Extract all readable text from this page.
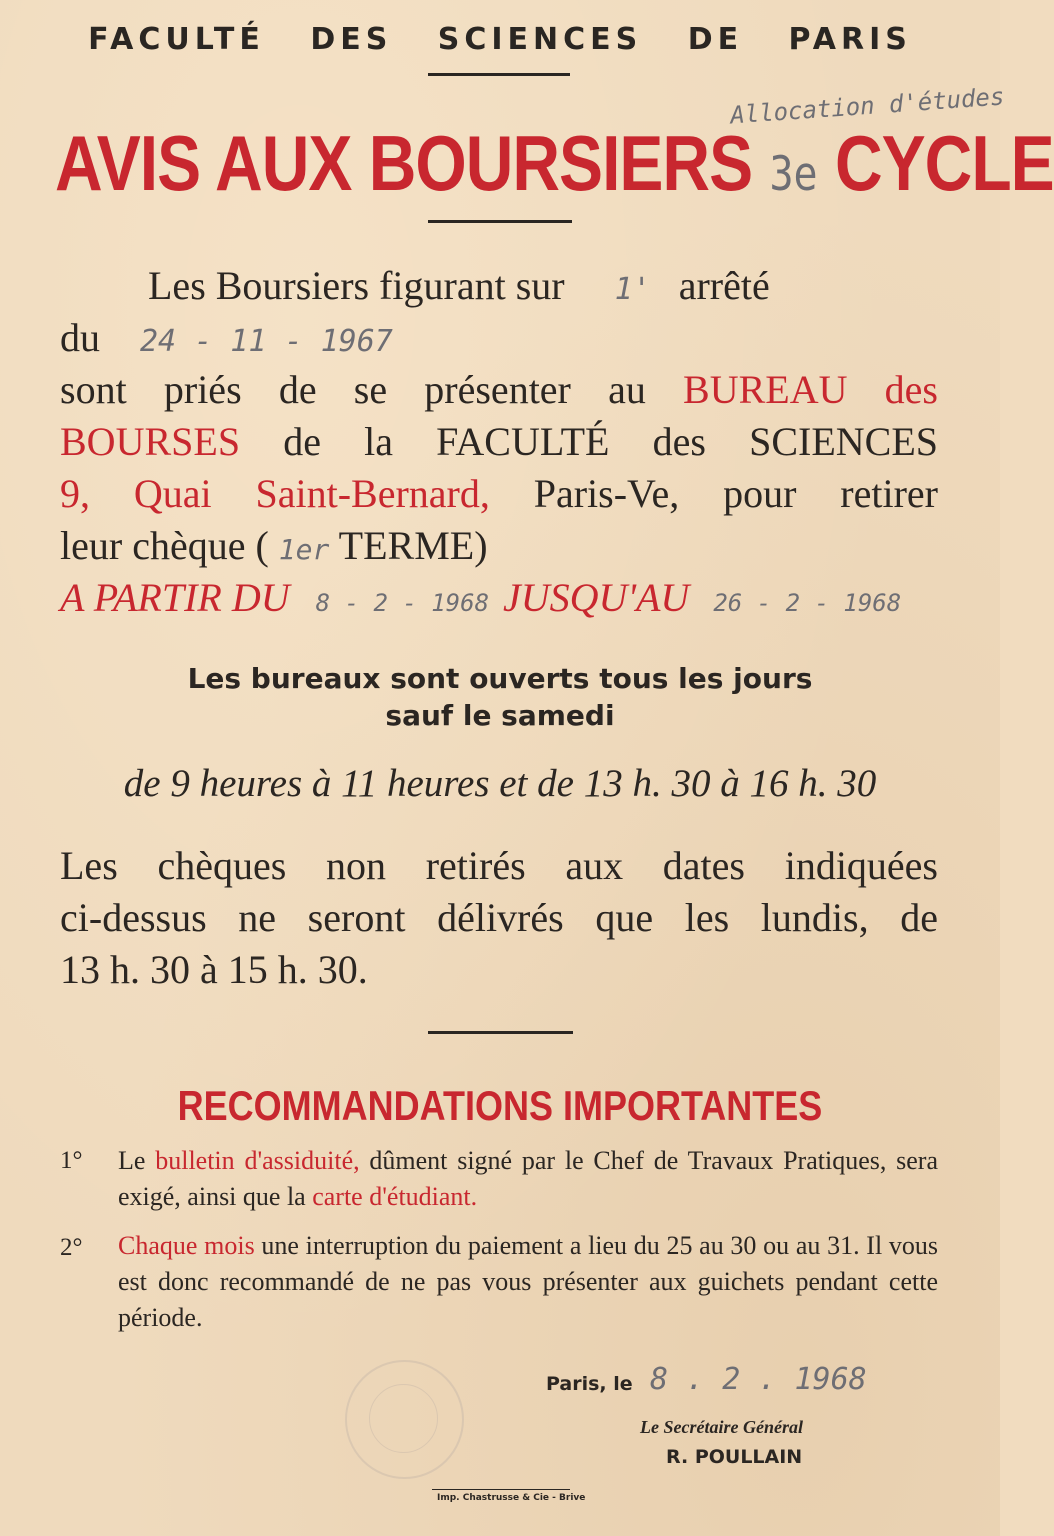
FACULTÉ DES SCIENCES DE PARIS
Allocation d'études
AVIS AUX BOURSIERS 3e CYCLE
Les Boursiers figurant sur 1' arrêté
du 24 - 11 - 1967
sont priés de se présenter au BUREAU des
BOURSES de la FACULTÉ des SCIENCES
9, Quai Saint-Bernard, Paris-Ve, pour retirer
leur chèque ( 1er TERME)
A PARTIR DU 8 - 2 - 1968 JUSQU'AU 26 - 2 - 1968
Les bureaux sont ouverts tous les jours
sauf le samedi
de 9 heures à 11 heures et de 13 h. 30 à 16 h. 30
Les chèques non retirés aux dates indiquées
ci-dessus ne seront délivrés que les lundis, de
13 h. 30 à 15 h. 30.
RECOMMANDATIONS IMPORTANTES
1° Le bulletin d'assiduité, dûment signé par le Chef de Travaux Pratiques, sera exigé, ainsi que la carte d'étudiant.
2° Chaque mois une interruption du paiement a lieu du 25 au 30 ou au 31. Il vous est donc recommandé de ne pas vous présenter aux guichets pendant cette période.
Paris, le 8 . 2 . 1968
Le Secrétaire Général
R. POULLAIN
Imp. Chastrusse & Cie - Brive
